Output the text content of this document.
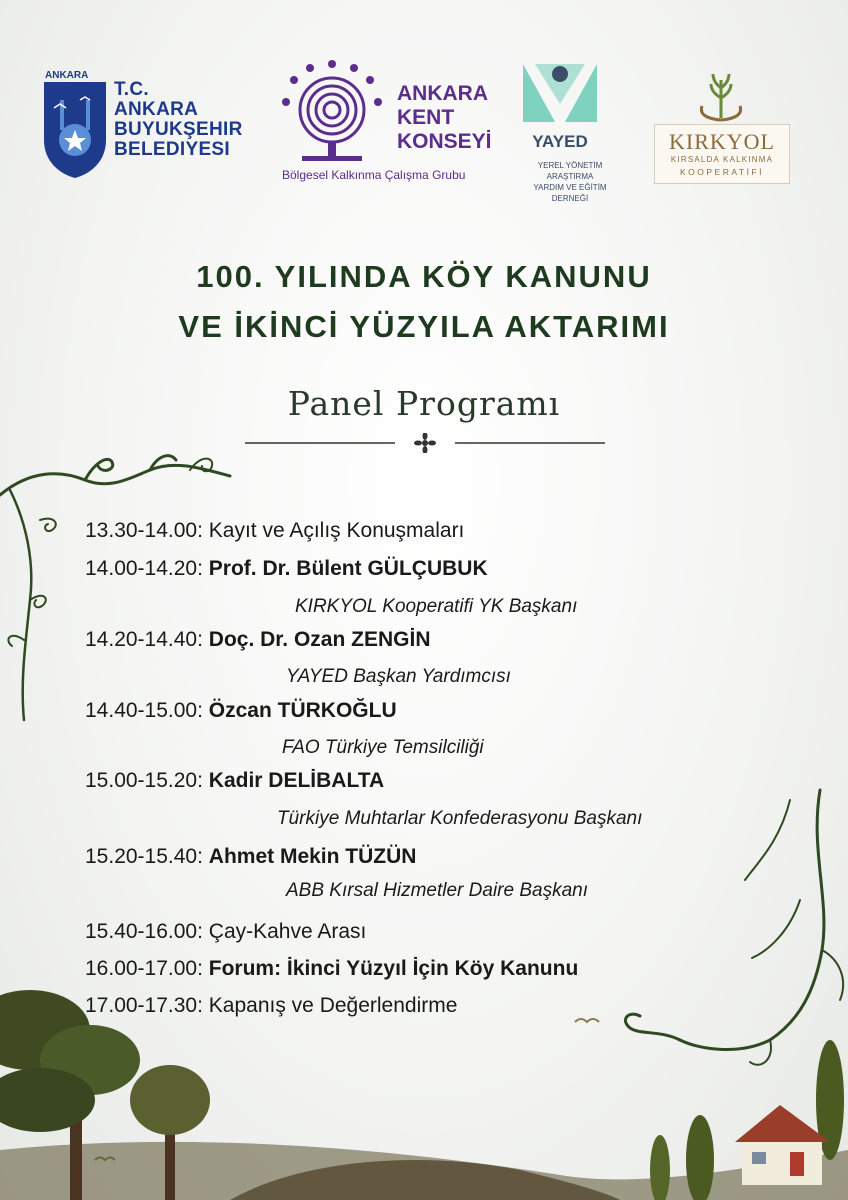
ANKARA
T.C.
ANKARA
BUYUKŞEHIR
BELEDIYESI
ANKARA
KENT
KONSEYİ
Bölgesel Kalkınma Çalışma Grubu
YAYED
YEREL YÖNETİM ARAŞTIRMA
YARDIM VE EĞİTİM DERNEĞİ
KIRKYOL
KIRSALDA KALKINMA
KOOPERATİFİ
100. YILINDA KÖY KANUNU
VE İKİNCİ YÜZYILA AKTARIMI
Panel Programı
13.30-14.00: Kayıt ve Açılış Konuşmaları
14.00-14.20: Prof. Dr. Bülent GÜLÇUBUK
KIRKYOL Kooperatifi YK Başkanı
14.20-14.40: Doç. Dr. Ozan ZENGİN
YAYED Başkan Yardımcısı
14.40-15.00: Özcan TÜRKOĞLU
FAO Türkiye Temsilciliği
15.00-15.20: Kadir DELİBALTA
Türkiye Muhtarlar Konfederasyonu Başkanı
15.20-15.40: Ahmet Mekin TÜZÜN
ABB Kırsal Hizmetler Daire Başkanı
15.40-16.00: Çay-Kahve Arası
16.00-17.00: Forum: İkinci Yüzyıl İçin Köy Kanunu
17.00-17.30: Kapanış ve Değerlendirme
